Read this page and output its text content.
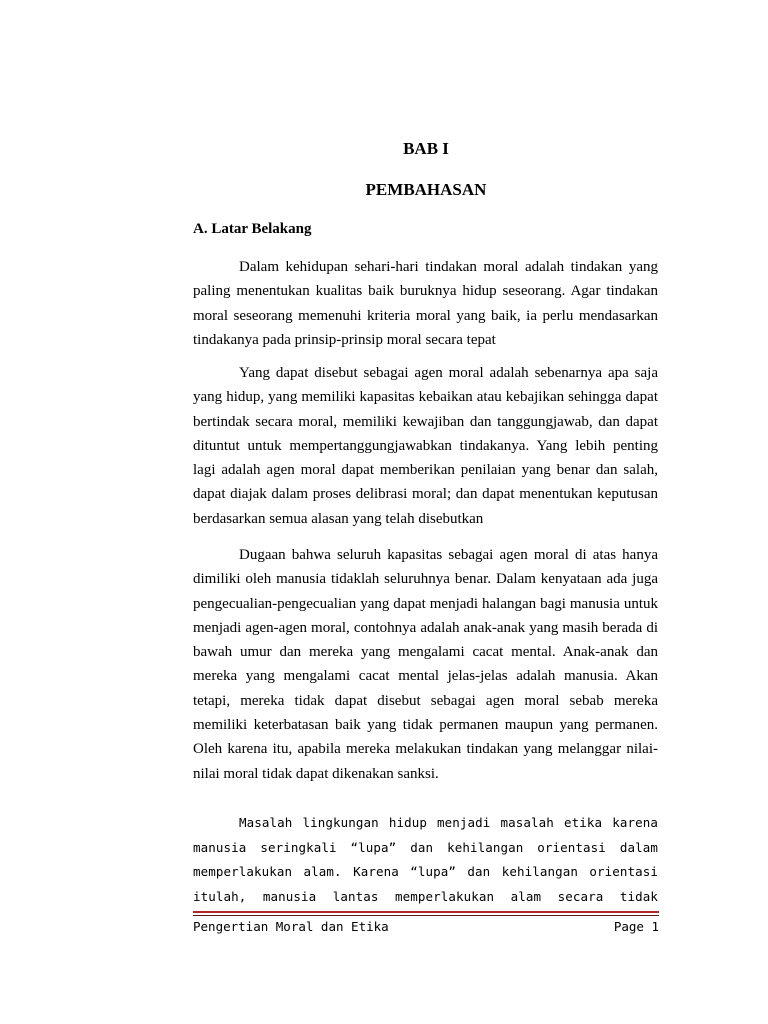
BAB I
PEMBAHASAN
A. Latar Belakang

Dalam kehidupan sehari-hari tindakan moral adalah tindakan yang paling menentukan kualitas baik buruknya hidup seseorang. Agar tindakan moral seseorang memenuhi kriteria moral yang baik, ia perlu mendasarkan tindakanya pada prinsip-prinsip moral secara tepat

Yang dapat disebut sebagai agen moral adalah sebenarnya apa saja yang hidup, yang memiliki kapasitas kebaikan atau kebajikan sehingga dapat bertindak secara moral, memiliki kewajiban dan tanggungjawab, dan dapat dituntut untuk mempertanggungjawabkan tindakanya. Yang lebih penting lagi adalah agen moral dapat memberikan penilaian yang benar dan salah, dapat diajak dalam proses delibrasi moral; dan dapat menentukan keputusan berdasarkan semua alasan yang telah disebutkan

Dugaan bahwa seluruh kapasitas sebagai agen moral di atas hanya dimiliki oleh manusia tidaklah seluruhnya benar. Dalam kenyataan ada juga pengecualian-pengecualian yang dapat menjadi halangan bagi manusia untuk menjadi agen-agen moral, contohnya adalah anak-anak yang masih berada di bawah umur dan mereka yang mengalami cacat mental. Anak-anak dan mereka yang mengalami cacat mental jelas-jelas adalah manusia. Akan tetapi, mereka tidak dapat disebut sebagai agen moral sebab mereka memiliki keterbatasan baik yang tidak permanen maupun yang permanen. Oleh karena itu, apabila mereka melakukan tindakan yang melanggar nilai-nilai moral tidak dapat dikenakan sanksi.

Masalah lingkungan hidup menjadi masalah etika karena manusia seringkali “lupa” dan kehilangan orientasi dalam memperlakukan alam. Karena “lupa” dan kehilangan orientasi itulah, manusia lantas memperlakukan alam secara tidak

Pengertian Moral dan Etika	Page 1
